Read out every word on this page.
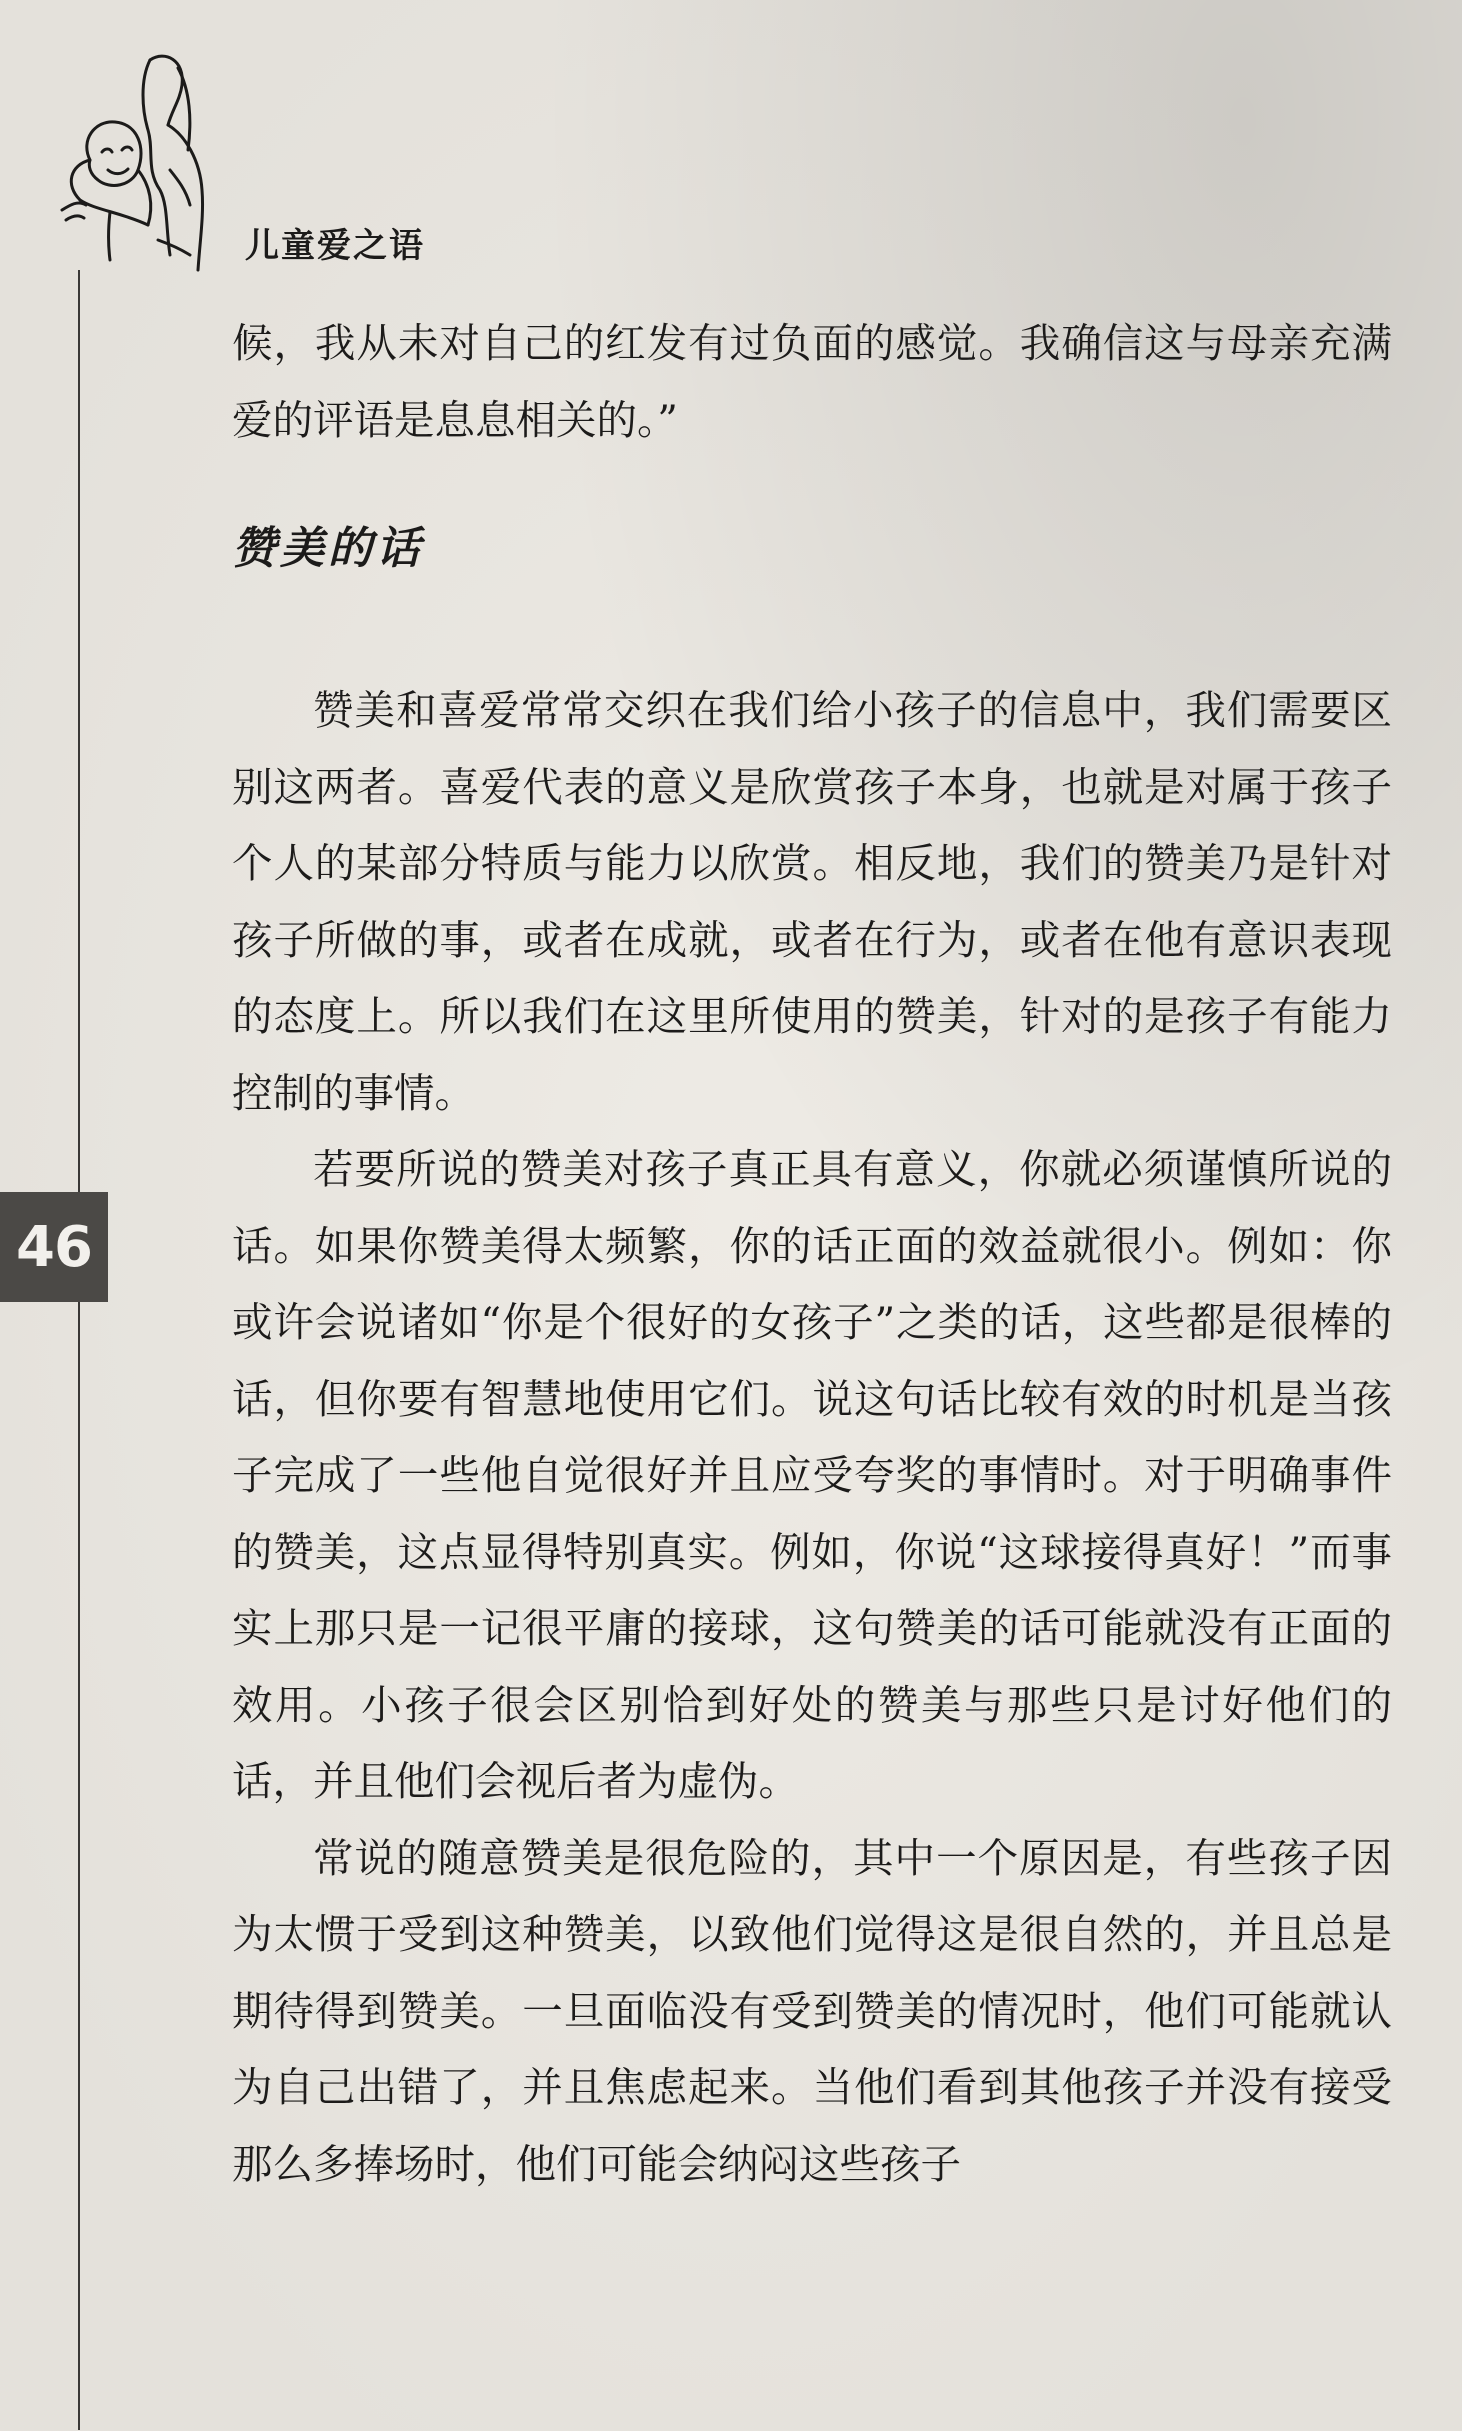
儿童爱之语
46

候，我从未对自己的红发有过负面的感觉。我确信这与母亲充满爱的评语是息息相关的。”

赞美的话

赞美和喜爱常常交织在我们给小孩子的信息中，我们需要区别这两者。喜爱代表的意义是欣赏孩子本身，也就是对属于孩子个人的某部分特质与能力以欣赏。相反地，我们的赞美乃是针对孩子所做的事，或者在成就，或者在行为，或者在他有意识表现的态度上。所以我们在这里所使用的赞美，针对的是孩子有能力控制的事情。

若要所说的赞美对孩子真正具有意义，你就必须谨慎所说的话。如果你赞美得太频繁，你的话正面的效益就很小。例如：你或许会说诸如“你是个很好的女孩子”之类的话，这些都是很棒的话，但你要有智慧地使用它们。说这句话比较有效的时机是当孩子完成了一些他自觉很好并且应受夸奖的事情时。对于明确事件的赞美，这点显得特别真实。例如，你说“这球接得真好！”而事实上那只是一记很平庸的接球，这句赞美的话可能就没有正面的效用。小孩子很会区别恰到好处的赞美与那些只是讨好他们的话，并且他们会视后者为虚伪。

常说的随意赞美是很危险的，其中一个原因是，有些孩子因为太惯于受到这种赞美，以致他们觉得这是很自然的，并且总是期待得到赞美。一旦面临没有受到赞美的情况时，他们可能就认为自己出错了，并且焦虑起来。当他们看到其他孩子并没有接受那么多捧场时，他们可能会纳闷这些孩子
